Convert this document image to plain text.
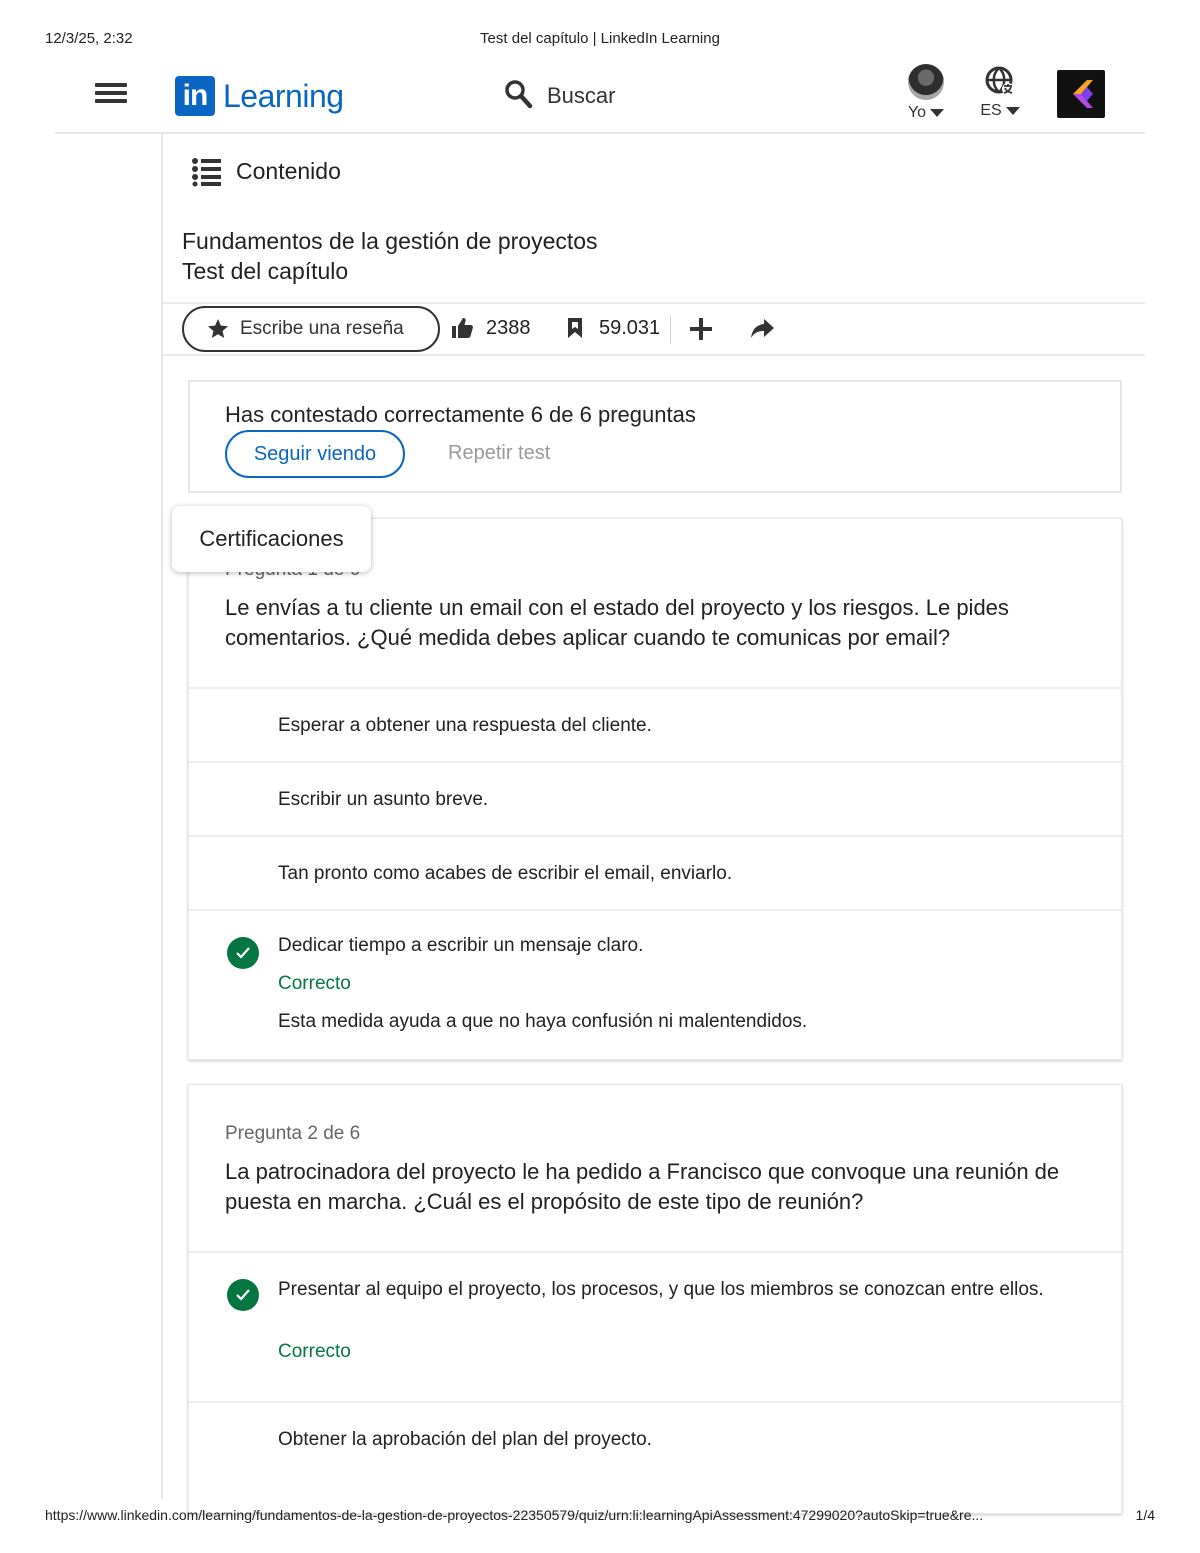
12/3/25, 2:32	Test del capítulo | LinkedIn Learning
in Learning	Buscar
Yo	ES
Contenido
Fundamentos de la gestión de proyectos
Test del capítulo
Escribe una reseña	2388	59.031
Has contestado correctamente 6 de 6 preguntas
Seguir viendo	Repetir test
Le envías a tu cliente un email con el estado del proyecto y los riesgos. Le pides comentarios. ¿Qué medida debes aplicar cuando te comunicas por email?
Esperar a obtener una respuesta del cliente.
Escribir un asunto breve.
Tan pronto como acabes de escribir el email, enviarlo.
Dedicar tiempo a escribir un mensaje claro.
Correcto
Esta medida ayuda a que no haya confusión ni malentendidos.
Certificaciones
Pregunta 2 de 6
La patrocinadora del proyecto le ha pedido a Francisco que convoque una reunión de puesta en marcha. ¿Cuál es el propósito de este tipo de reunión?
Presentar al equipo el proyecto, los procesos, y que los miembros se conozcan entre ellos.
Correcto
Obtener la aprobación del plan del proyecto.
https://www.linkedin.com/learning/fundamentos-de-la-gestion-de-proyectos-22350579/quiz/urn:li:learningApiAssessment:47299020?autoSkip=true&re...	1/4
